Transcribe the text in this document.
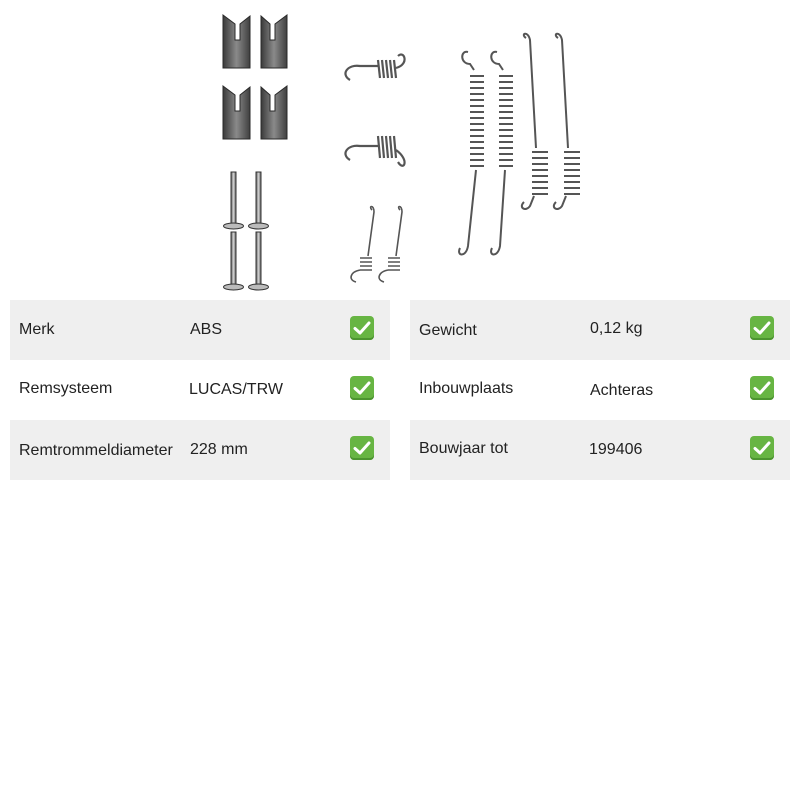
Merk	ABS
Remsysteem	LUCAS/TRW
Remtrommeldiameter 228 mm
Gewicht	0,12 kg
Inbouwplaats	Achteras
Bouwjaar tot	199406
